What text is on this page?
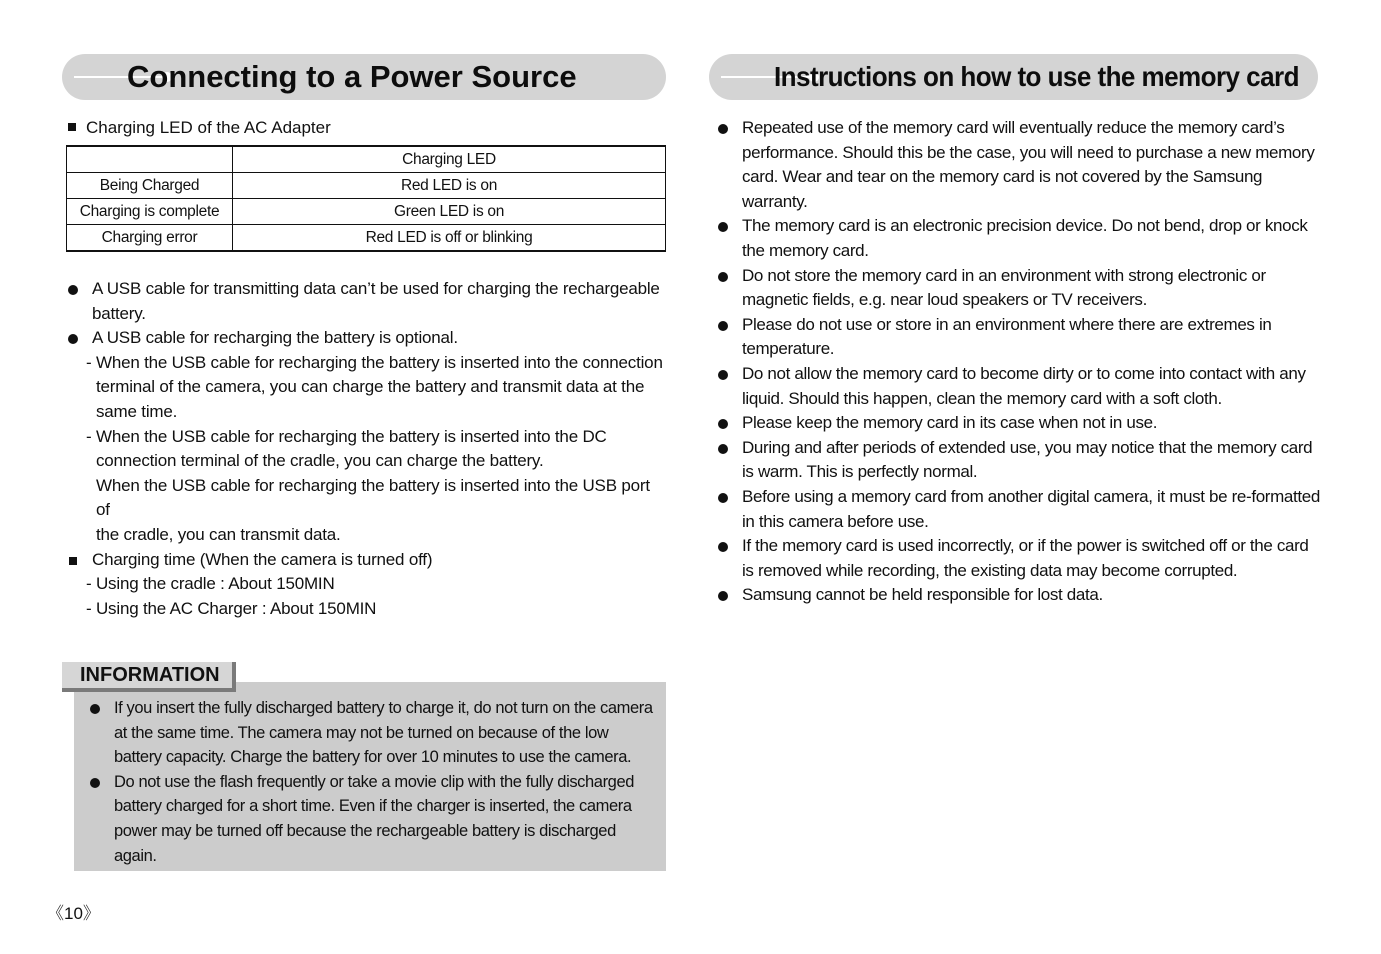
Connecting to a Power Source
Charging LED of the AC Adapter
	Charging LED
Being Charged	Red LED is on
Charging is complete	Green LED is on
Charging error	Red LED is off or blinking
A USB cable for transmitting data can’t be used for charging the rechargeable
battery.
A USB cable for recharging the battery is optional.
- When the USB cable for recharging the battery is inserted into the connection
terminal of the camera, you can charge the battery and transmit data at the
same time.
- When the USB cable for recharging the battery is inserted into the DC
connection terminal of the cradle, you can charge the battery.
When the USB cable for recharging the battery is inserted into the USB port of
the cradle, you can transmit data.
Charging time (When the camera is turned off)
- Using the cradle : About 150MIN
- Using the AC Charger : About 150MIN
If you insert the fully discharged battery to charge it, do not turn on the camera
at the same time. The camera may not be turned on because of the low
battery capacity. Charge the battery for over 10 minutes to use the camera.
Do not use the flash frequently or take a movie clip with the fully discharged
battery charged for a short time. Even if the charger is inserted, the camera
power may be turned off because the rechargeable battery is discharged again.
INFORMATION
《10》
Instructions on how to use the memory card
Repeated use of the memory card will eventually reduce the memory card’s
performance. Should this be the case, you will need to purchase a new memory
card. Wear and tear on the memory card is not covered by the Samsung
warranty.
The memory card is an electronic precision device. Do not bend, drop or knock
the memory card.
Do not store the memory card in an environment with strong electronic or
magnetic fields, e.g. near loud speakers or TV receivers.
Please do not use or store in an environment where there are extremes in
temperature.
Do not allow the memory card to become dirty or to come into contact with any
liquid. Should this happen, clean the memory card with a soft cloth.
Please keep the memory card in its case when not in use.
During and after periods of extended use, you may notice that the memory card
is warm. This is perfectly normal.
Before using a memory card from another digital camera, it must be re-formatted
in this camera before use.
If the memory card is used incorrectly, or if the power is switched off or the card
is removed while recording, the existing data may become corrupted.
Samsung cannot be held responsible for lost data.
